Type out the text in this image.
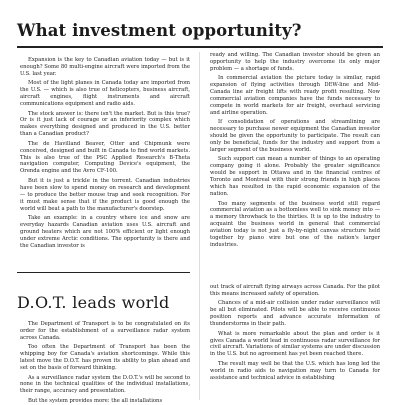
What investment opportunity?

Expansion is the key to Canadian aviation today — but is it enough? Some 80 multi-engine aircraft were imported from the U.S. last year.

Most of the light planes in Canada today are imported from the U.S. — which is also true of helicopters, business aircraft, aircraft engines, flight instruments and aircraft communications equipment and radio aids.

The stock answer is: there isn't the market. But is this true? Or is it just lack of courage or an inferiority complex which makes everything designed and produced in the U.S. better than a Canadian product?

The de Havilland Beaver, Otter and Chipmunk were conceived, designed and built in Canada to find world markets. This is also true of the PSC Applied Research's B-Theta navigation computer, Computing Device's equipment, the Orenda engine and the Avro CF-100.

But it is just a trickle in the torrent. Canadian industries have been slow to spend money on research and development — to produce the better mouse trap and seek recognition. For it must make sense that if the product is good enough the world will beat a path to the manufacturer's doorstep.

Take an example: in a country where ice and snow are everyday hazards Canadian aviation uses U.S. aircraft and ground heaters which are not 100% efficient or light enough under extreme Arctic conditions. The opportunity is there and the Canadian investor is

ready and willing. The Canadian investor should be given an opportunity to help the industry overcome its only major problem — a shortage of funds.

In commercial aviation the picture today is similar, rapid expansion of flying activities through DEW-line and Mid-Canada line air freight lifts with ready profit resulting. Now commercial aviation companies have the funds necessary to compete in world markets for air freight, overhaul servicing and airline operation.

If consolidation of operations and streamlining are necessary to purchase newer equipment the Canadian investor should be given the opportunity to participate. The result can only be beneficial, funds for the industry and support from a larger segment of the business world.

Such support can mean a number of things to an operating company going it alone. Probably the greater significance would be support in Ottawa and in the financial centres of Toronto and Montreal with their strong friends in high places which has resulted in the rapid economic expansion of the nation.

Too many segments of the business world still regard commercial aviation as a bottomless well to sink money into — a memory throwback to the thirties. It is up to the industry to acquaint the business world in general that commercial aviation today is not just a fly-by-night canvas structure held together by piano wire but one of the nation's larger industries.

D.O.T. leads world

The Department of Transport is to be congratulated on its order for the establishment of a surveillance radar system across Canada.

Too often the Department of Transport has been the whipping boy for Canada's aviation shortcomings. While this latest move the D.O.T. has proven its ability to plan ahead and set on the basis of forward thinking.

As a surveillance radar system the D.O.T.'s will be second to none in the technical qualities of the individual installations, their range, accuracy and presentation.

But the system provides more: the all installations

out track of aircraft flying airways across Canada. For the pilot this means increased safety of operation.

Chances of a mid-air collision under radar surveillance will be all but eliminated. Pilots will be able to receive continuous position reports and advance accurate information of thunderstorms in their path.

What is more remarkable about the plan and order is it gives Canada a world lead in continuous radar surveillance for civil aircraft. Variations of similar systems are under discussion in the U.S. but no agreement has yet been reached there.

The result may well be that the U.S. which has long led the world in radio aids to navigation may turn to Canada for assistance and technical advice in establishing
